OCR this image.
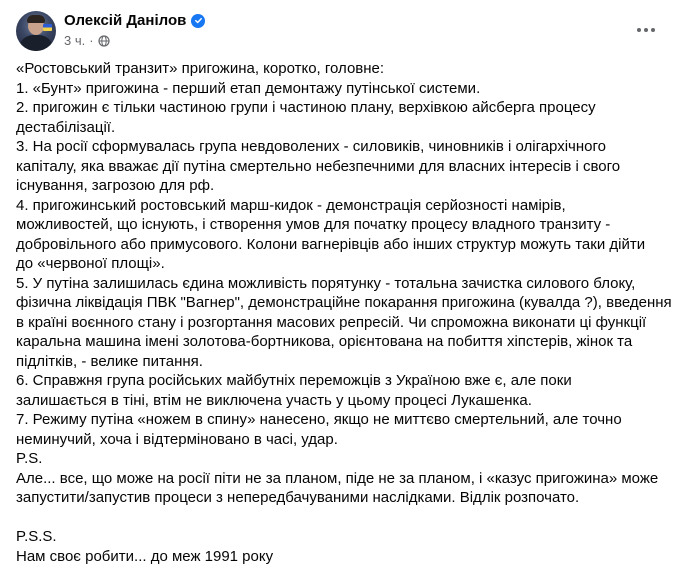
Олексій Данілов
3 ч. ·

«Ростовський транзит» пригожина, коротко, головне:

1. «Бунт» пригожина - перший етап демонтажу путінської системи.

2. пригожин є тільки частиною групи і частиною плану, верхівкою айсберга процесу

дестабілізації.

3. На росії сформувалась група невдоволених - силовиків, чиновників і олігархічного

капіталу, яка вважає дії путіна смертельно небезпечними для власних інтересів і свого

існування, загрозою для рф.

4. пригожинський ростовський марш-кидок - демонстрація серйозності намірів,

можливостей, що існують, і створення умов для початку процесу владного транзиту -

добровільного або примусового. Колони вагнерівців або інших структур можуть таки дійти

до «червоної площі».

5. У путіна залишилась єдина можливість порятунку - тотальна зачистка силового блоку,

фізична ліквідація ПВК "Вагнер", демонстраційне покарання пригожина (кувалда ?), введення

в країні воєнного стану і розгортання масових репресій. Чи спроможна виконати ці функції

каральна машина імені золотова-бортникова, орієнтована на побиття хіпстерів, жінок та

підлітків, - велике питання.

6. Справжня група російських майбутніх переможців з Україною вже є, але поки

залишається в тіні, втім не виключена участь у цьому процесі Лукашенка.

7. Режиму путіна «ножем в спину» нанесено, якщо не миттєво смертельний, але точно

неминучий, хоча і відтерміновано в часі, удар.

P.S.

Але... все, що може на росії піти не за планом, піде не за планом, і «казус пригожина» може

запустити/запустив процеси з непередбачуваними наслідками. Відлік розпочато.

P.S.S.

Нам своє робити... до меж 1991 року
